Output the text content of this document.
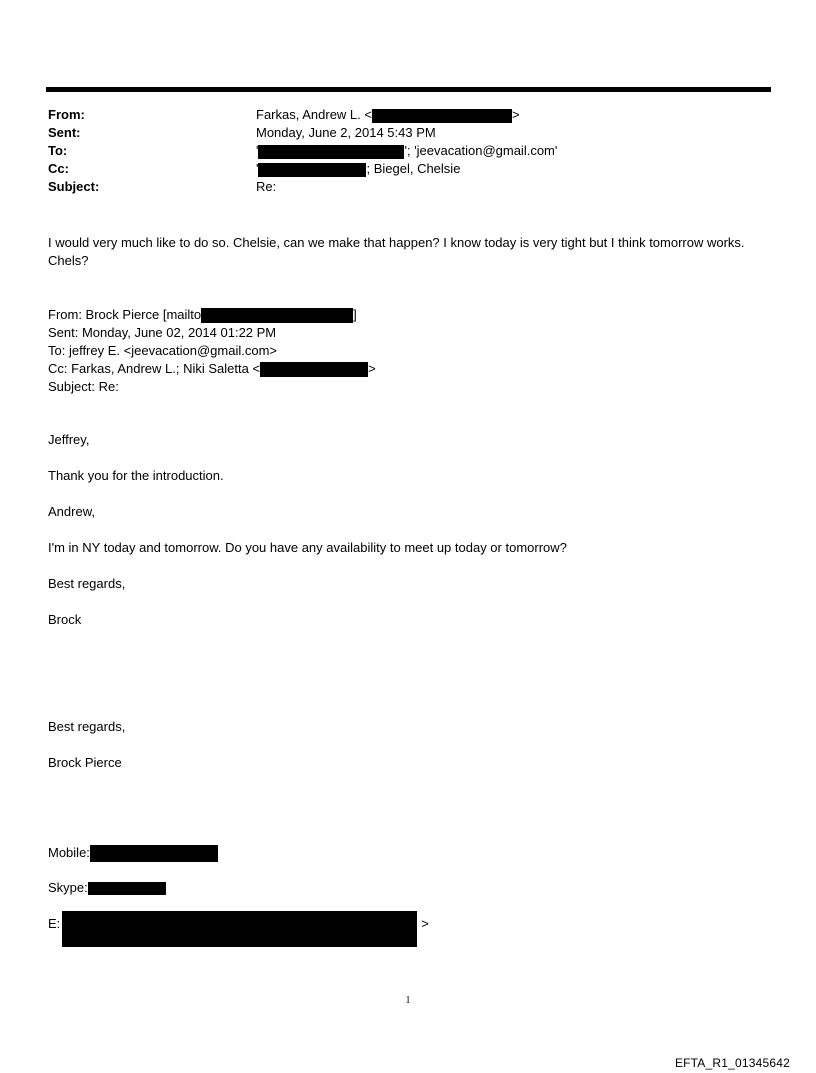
From:	Farkas, Andrew L. <	>
Sent:	Monday, June 2, 2014 5:43 PM
To:	'	'; 'jeevacation@gmail.com'
Cc:	'	; Biegel, Chelsie
Subject:	Re:
I would very much like to do so. Chelsie, can we make that happen? I know today is very tight but I think tomorrow works. Chels?
From: Brock Pierce [mailto	]
Sent: Monday, June 02, 2014 01:22 PM
To: jeffrey E. <jeevacation@gmail.com>
Cc: Farkas, Andrew L.; Niki Saletta <	>
Subject: Re:
Jeffrey,
Thank you for the introduction.
Andrew,
I'm in NY today and tomorrow. Do you have any availability to meet up today or tomorrow?
Best regards,
Brock
Best regards,
Brock Pierce
Mobile:
Skype:
E:	>
1
EFTA_R1_01345642
